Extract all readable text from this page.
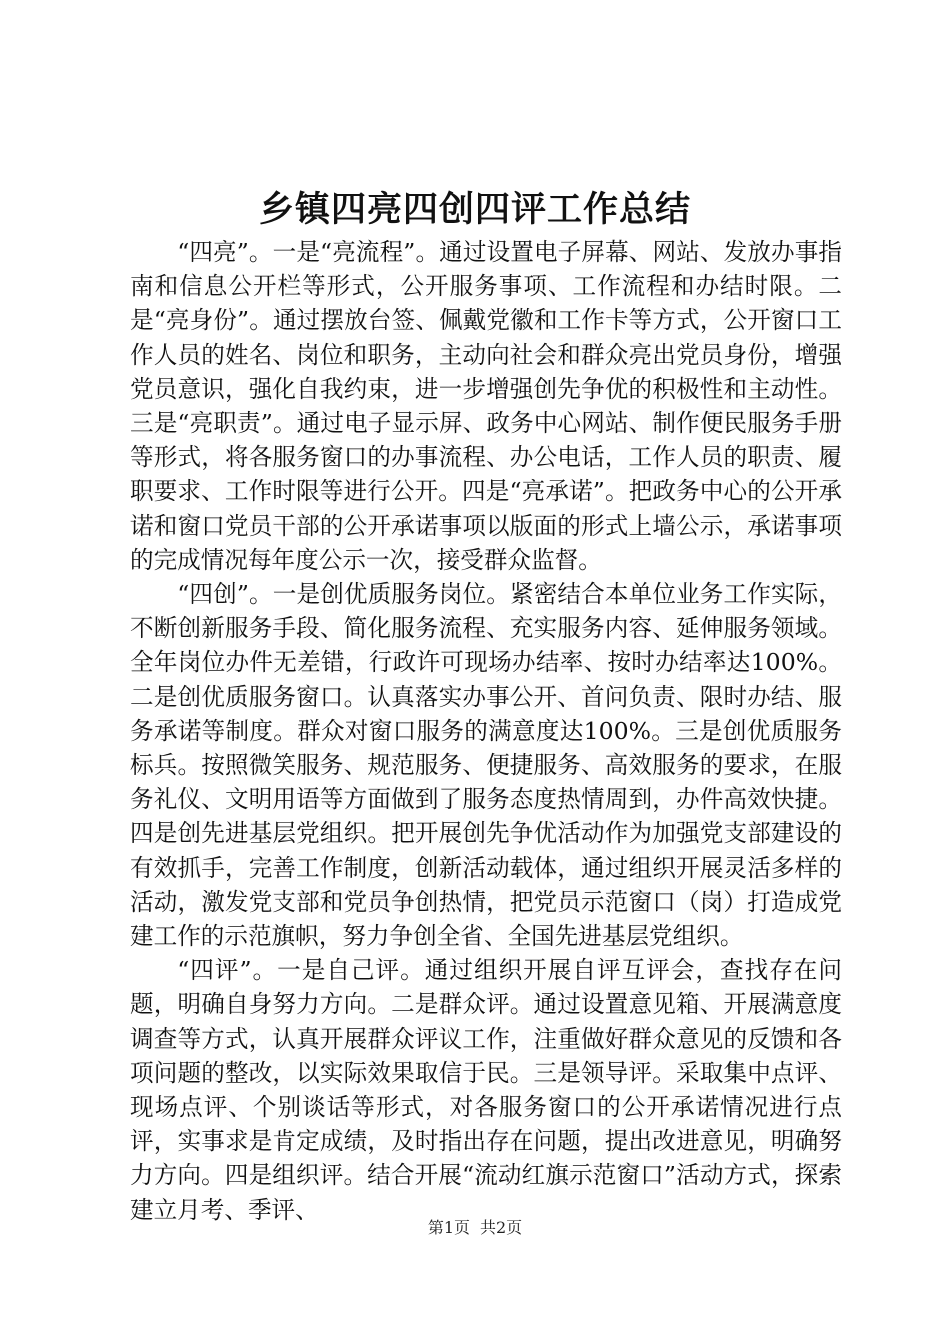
乡镇四亮四创四评工作总结

“四亮”。一是“亮流程”。通过设置电子屏幕、网站、发放办事指南和信息公开栏等形式，公开服务事项、工作流程和办结时限。二是“亮身份”。通过摆放台签、佩戴党徽和工作卡等方式，公开窗口工作人员的姓名、岗位和职务，主动向社会和群众亮出党员身份，增强党员意识，强化自我约束，进一步增强创先争优的积极性和主动性。三是“亮职责”。通过电子显示屏、政务中心网站、制作便民服务手册等形式，将各服务窗口的办事流程、办公电话，工作人员的职责、履职要求、工作时限等进行公开。四是“亮承诺”。把政务中心的公开承诺和窗口党员干部的公开承诺事项以版面的形式上墙公示，承诺事项的完成情况每年度公示一次，接受群众监督。

“四创”。一是创优质服务岗位。紧密结合本单位业务工作实际，不断创新服务手段、简化服务流程、充实服务内容、延伸服务领域。全年岗位办件无差错，行政许可现场办结率、按时办结率达100%。二是创优质服务窗口。认真落实办事公开、首问负责、限时办结、服务承诺等制度。群众对窗口服务的满意度达100%。三是创优质服务标兵。按照微笑服务、规范服务、便捷服务、高效服务的要求，在服务礼仪、文明用语等方面做到了服务态度热情周到，办件高效快捷。四是创先进基层党组织。把开展创先争优活动作为加强党支部建设的有效抓手，完善工作制度，创新活动载体，通过组织开展灵活多样的活动，激发党支部和党员争创热情，把党员示范窗口（岗）打造成党建工作的示范旗帜，努力争创全省、全国先进基层党组织。

“四评”。一是自己评。通过组织开展自评互评会，查找存在问题，明确自身努力方向。二是群众评。通过设置意见箱、开展满意度调查等方式，认真开展群众评议工作，注重做好群众意见的反馈和各项问题的整改，以实际效果取信于民。三是领导评。采取集中点评、现场点评、个别谈话等形式，对各服务窗口的公开承诺情况进行点评，实事求是肯定成绩，及时指出存在问题，提出改进意见，明确努力方向。四是组织评。结合开展“流动红旗示范窗口”活动方式，探索建立月考、季评、

第1页 共2页
